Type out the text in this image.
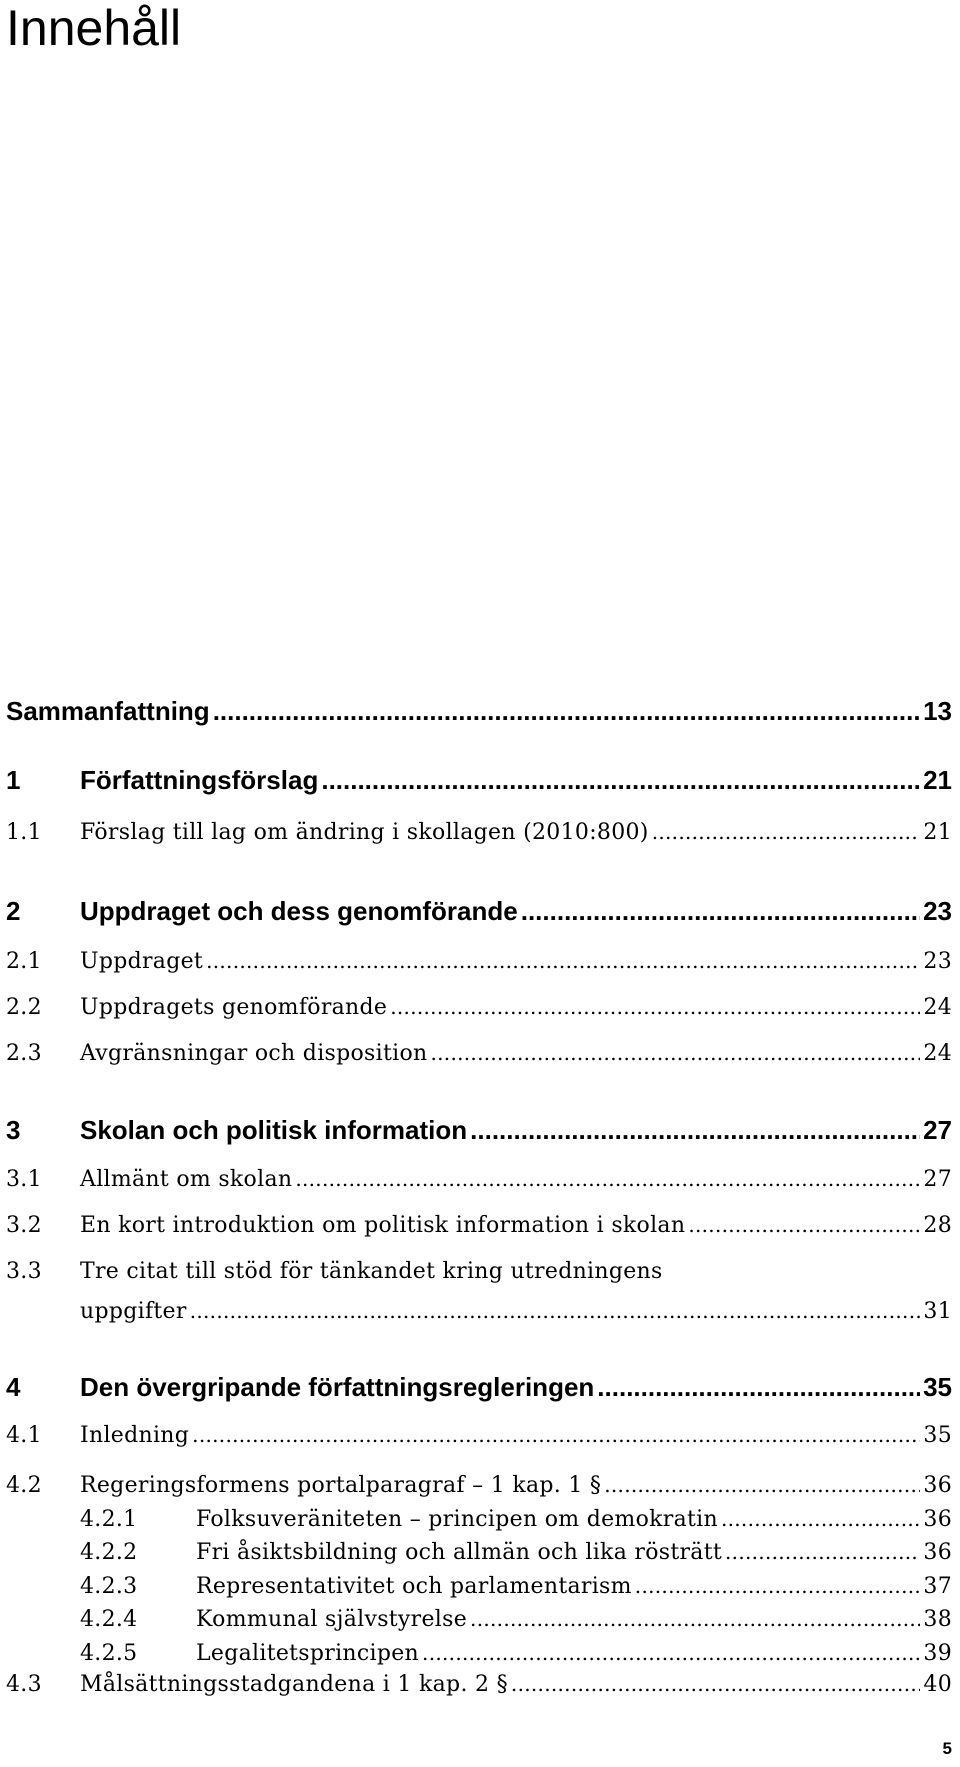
Innehåll
Sammanfattning .....	13
1	Författningsförslag .....	21
1.1	Förslag till lag om ändring i skollagen (2010:800) .....	21
2	Uppdraget och dess genomförande .....	23
2.1	Uppdraget .....	23
2.2	Uppdragets genomförande .....	24
2.3	Avgränsningar och disposition .....	24
3	Skolan och politisk information .....	27
3.1	Allmänt om skolan .....	27
3.2	En kort introduktion om politisk information i skolan .....	28
3.3	Tre citat till stöd för tänkandet kring utredningens
uppgifter .....	31
4	Den övergripande författningsregleringen .....	35
4.1	Inledning .....	35
4.2	Regeringsformens portalparagraf – 1 kap. 1 § .....	36
4.2.1	Folksuveräniteten – principen om demokratin .....	36
4.2.2	Fri åsiktsbildning och allmän och lika rösträtt .....	36
4.2.3	Representativitet och parlamentarism .....	37
4.2.4	Kommunal självstyrelse .....	38
4.2.5	Legalitetsprincipen .....	39
4.3	Målsättningsstadgandena i 1 kap. 2 § .....	40
5
